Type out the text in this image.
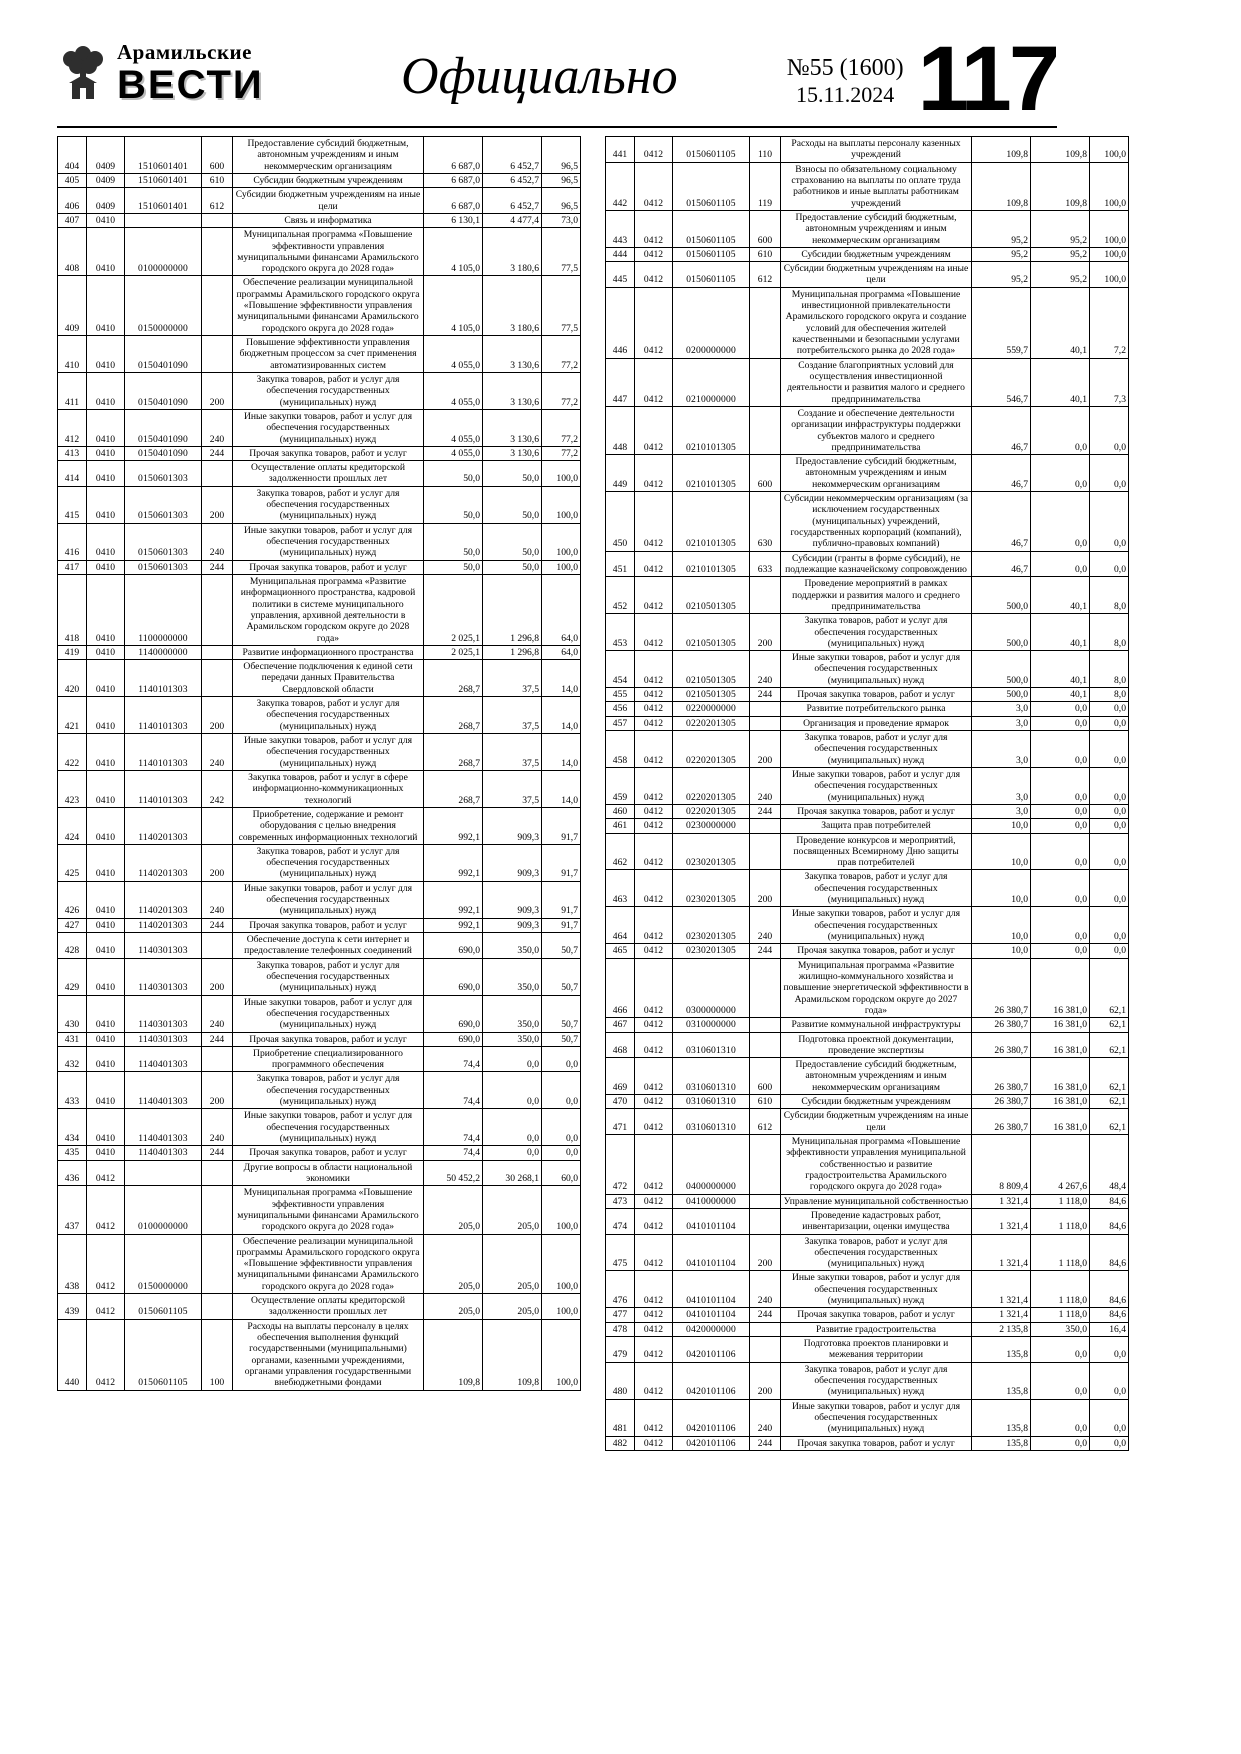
Арамильские
ВЕСТИ	Официально	№55 (1600)
15.11.2024 117
404	0409	1510601401	600	Предоставление субсидий бюджетным, автономным учреждениям и иным некоммерческим организациям	6 687,0	6 452,7	96,5
405	0409	1510601401	610	Субсидии бюджетным учреждениям	6 687,0	6 452,7	96,5
406	0409	1510601401	612	Субсидии бюджетным учреждениям на иные цели	6 687,0	6 452,7	96,5
407	0410			Связь и информатика	6 130,1	4 477,4	73,0
408	0410	0100000000		Муниципальная программа «Повышение эффективности управления муниципальными финансами Арамильского городского округа до 2028 года»	4 105,0	3 180,6	77,5
409	0410	0150000000		Обеспечение реализации муниципальной программы Арамильского городского округа «Повышение эффективности управления муниципальными финансами Арамильского городского округа до 2028 года»	4 105,0	3 180,6	77,5
410	0410	0150401090		Повышение эффективности управления бюджетным процессом за счет применения автоматизированных систем	4 055,0	3 130,6	77,2
411	0410	0150401090	200	Закупка товаров, работ и услуг для обеспечения государственных (муниципальных) нужд	4 055,0	3 130,6	77,2
412	0410	0150401090	240	Иные закупки товаров, работ и услуг для обеспечения государственных (муниципальных) нужд	4 055,0	3 130,6	77,2
413	0410	0150401090	244	Прочая закупка товаров, работ и услуг	4 055,0	3 130,6	77,2
414	0410	0150601303		Осуществление оплаты кредиторской задолженности прошлых лет	50,0	50,0	100,0
415	0410	0150601303	200	Закупка товаров, работ и услуг для обеспечения государственных (муниципальных) нужд	50,0	50,0	100,0
416	0410	0150601303	240	Иные закупки товаров, работ и услуг для обеспечения государственных (муниципальных) нужд	50,0	50,0	100,0
417	0410	0150601303	244	Прочая закупка товаров, работ и услуг	50,0	50,0	100,0
418	0410	1100000000		Муниципальная программа «Развитие информационного пространства, кадровой политики в системе муниципального управления, архивной деятельности в Арамильском городском округе до 2028 года»	2 025,1	1 296,8	64,0
419	0410	1140000000		Развитие информационного пространства	2 025,1	1 296,8	64,0
420	0410	1140101303		Обеспечение подключения к единой сети передачи данных Правительства Свердловской области	268,7	37,5	14,0
421	0410	1140101303	200	Закупка товаров, работ и услуг для обеспечения государственных (муниципальных) нужд	268,7	37,5	14,0
422	0410	1140101303	240	Иные закупки товаров, работ и услуг для обеспечения государственных (муниципальных) нужд	268,7	37,5	14,0
423	0410	1140101303	242	Закупка товаров, работ и услуг в сфере информационно-коммуникационных технологий	268,7	37,5	14,0
424	0410	1140201303		Приобретение, содержание и ремонт оборудования с целью внедрения современных информационных технологий	992,1	909,3	91,7
425	0410	1140201303	200	Закупка товаров, работ и услуг для обеспечения государственных (муниципальных) нужд	992,1	909,3	91,7
426	0410	1140201303	240	Иные закупки товаров, работ и услуг для обеспечения государственных (муниципальных) нужд	992,1	909,3	91,7
427	0410	1140201303	244	Прочая закупка товаров, работ и услуг	992,1	909,3	91,7
428	0410	1140301303		Обеспечение доступа к сети интернет и предоставление телефонных соединений	690,0	350,0	50,7
429	0410	1140301303	200	Закупка товаров, работ и услуг для обеспечения государственных (муниципальных) нужд	690,0	350,0	50,7
430	0410	1140301303	240	Иные закупки товаров, работ и услуг для обеспечения государственных (муниципальных) нужд	690,0	350,0	50,7
431	0410	1140301303	244	Прочая закупка товаров, работ и услуг	690,0	350,0	50,7
432	0410	1140401303		Приобретение специализированного программного обеспечения	74,4	0,0	0,0
433	0410	1140401303	200	Закупка товаров, работ и услуг для обеспечения государственных (муниципальных) нужд	74,4	0,0	0,0
434	0410	1140401303	240	Иные закупки товаров, работ и услуг для обеспечения государственных (муниципальных) нужд	74,4	0,0	0,0
435	0410	1140401303	244	Прочая закупка товаров, работ и услуг	74,4	0,0	0,0
436	0412			Другие вопросы в области национальной экономики	50 452,2	30 268,1	60,0
437	0412	0100000000		Муниципальная программа «Повышение эффективности управления муниципальными финансами Арамильского городского округа до 2028 года»	205,0	205,0	100,0
438	0412	0150000000		Обеспечение реализации муниципальной программы Арамильского городского округа «Повышение эффективности управления муниципальными финансами Арамильского городского округа до 2028 года»	205,0	205,0	100,0
439	0412	0150601105		Осуществление оплаты кредиторской задолженности прошлых лет	205,0	205,0	100,0
440	0412	0150601105	100	Расходы на выплаты персоналу в целях обеспечения выполнения функций государственными (муниципальными) органами, казенными учреждениями, органами управления государственными внебюджетными фондами	109,8	109,8	100,0
441	0412	0150601105	110	Расходы на выплаты персоналу казенных учреждений	109,8	109,8	100,0
442	0412	0150601105	119	Взносы по обязательному социальному страхованию на выплаты по оплате труда работников и иные выплаты работникам учреждений	109,8	109,8	100,0
443	0412	0150601105	600	Предоставление субсидий бюджетным, автономным учреждениям и иным некоммерческим организациям	95,2	95,2	100,0
444	0412	0150601105	610	Субсидии бюджетным учреждениям	95,2	95,2	100,0
445	0412	0150601105	612	Субсидии бюджетным учреждениям на иные цели	95,2	95,2	100,0
446	0412	0200000000		Муниципальная программа «Повышение инвестиционной привлекательности Арамильского городского округа и создание условий для обеспечения жителей качественными и безопасными услугами потребительского рынка до 2028 года»	559,7	40,1	7,2
447	0412	0210000000		Создание благоприятных условий для осуществления инвестиционной деятельности и развития малого и среднего предпринимательства	546,7	40,1	7,3
448	0412	0210101305		Создание и обеспечение деятельности организации инфраструктуры поддержки субъектов малого и среднего предпринимательства	46,7	0,0	0,0
449	0412	0210101305	600	Предоставление субсидий бюджетным, автономным учреждениям и иным некоммерческим организациям	46,7	0,0	0,0
450	0412	0210101305	630	Субсидии некоммерческим организациям (за исключением государственных (муниципальных) учреждений, государственных корпораций (компаний), публично-правовых компаний)	46,7	0,0	0,0
451	0412	0210101305	633	Субсидии (гранты в форме субсидий), не подлежащие казначейскому сопровождению	46,7	0,0	0,0
452	0412	0210501305		Проведение мероприятий в рамках поддержки и развития малого и среднего предпринимательства	500,0	40,1	8,0
453	0412	0210501305	200	Закупка товаров, работ и услуг для обеспечения государственных (муниципальных) нужд	500,0	40,1	8,0
454	0412	0210501305	240	Иные закупки товаров, работ и услуг для обеспечения государственных (муниципальных) нужд	500,0	40,1	8,0
455	0412	0210501305	244	Прочая закупка товаров, работ и услуг	500,0	40,1	8,0
456	0412	0220000000		Развитие потребительского рынка	3,0	0,0	0,0
457	0412	0220201305		Организация и проведение ярмарок	3,0	0,0	0,0
458	0412	0220201305	200	Закупка товаров, работ и услуг для обеспечения государственных (муниципальных) нужд	3,0	0,0	0,0
459	0412	0220201305	240	Иные закупки товаров, работ и услуг для обеспечения государственных (муниципальных) нужд	3,0	0,0	0,0
460	0412	0220201305	244	Прочая закупка товаров, работ и услуг	3,0	0,0	0,0
461	0412	0230000000		Защита прав потребителей	10,0	0,0	0,0
462	0412	0230201305		Проведение конкурсов и мероприятий, посвященных Всемирному Дню защиты прав потребителей	10,0	0,0	0,0
463	0412	0230201305	200	Закупка товаров, работ и услуг для обеспечения государственных (муниципальных) нужд	10,0	0,0	0,0
464	0412	0230201305	240	Иные закупки товаров, работ и услуг для обеспечения государственных (муниципальных) нужд	10,0	0,0	0,0
465	0412	0230201305	244	Прочая закупка товаров, работ и услуг	10,0	0,0	0,0
466	0412	0300000000		Муниципальная программа «Развитие жилищно-коммунального хозяйства и повышение энергетической эффективности в Арамильском городском округе до 2027 года»	26 380,7	16 381,0	62,1
467	0412	0310000000		Развитие коммунальной инфраструктуры	26 380,7	16 381,0	62,1
468	0412	0310601310		Подготовка проектной документации, проведение экспертизы	26 380,7	16 381,0	62,1
469	0412	0310601310	600	Предоставление субсидий бюджетным, автономным учреждениям и иным некоммерческим организациям	26 380,7	16 381,0	62,1
470	0412	0310601310	610	Субсидии бюджетным учреждениям	26 380,7	16 381,0	62,1
471	0412	0310601310	612	Субсидии бюджетным учреждениям на иные цели	26 380,7	16 381,0	62,1
472	0412	0400000000		Муниципальная программа «Повышение эффективности управления муниципальной собственностью и развитие градостроительства Арамильского городского округа до 2028 года»	8 809,4	4 267,6	48,4
473	0412	0410000000		Управление муниципальной собственностью	1 321,4	1 118,0	84,6
474	0412	0410101104		Проведение кадастровых работ, инвентаризации, оценки имущества	1 321,4	1 118,0	84,6
475	0412	0410101104	200	Закупка товаров, работ и услуг для обеспечения государственных (муниципальных) нужд	1 321,4	1 118,0	84,6
476	0412	0410101104	240	Иные закупки товаров, работ и услуг для обеспечения государственных (муниципальных) нужд	1 321,4	1 118,0	84,6
477	0412	0410101104	244	Прочая закупка товаров, работ и услуг	1 321,4	1 118,0	84,6
478	0412	0420000000		Развитие градостроительства	2 135,8	350,0	16,4
479	0412	0420101106		Подготовка проектов планировки и межевания территории	135,8	0,0	0,0
480	0412	0420101106	200	Закупка товаров, работ и услуг для обеспечения государственных (муниципальных) нужд	135,8	0,0	0,0
481	0412	0420101106	240	Иные закупки товаров, работ и услуг для обеспечения государственных (муниципальных) нужд	135,8	0,0	0,0
482	0412	0420101106	244	Прочая закупка товаров, работ и услуг	135,8	0,0	0,0
